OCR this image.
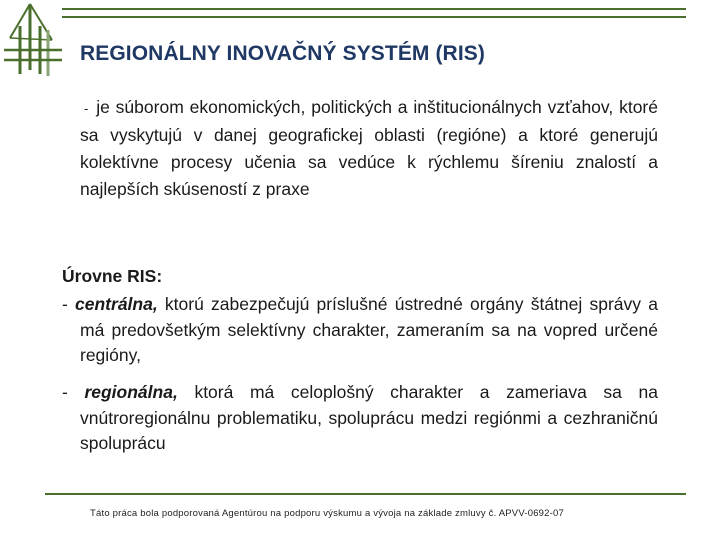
REGIONÁLNY INOVAČNÝ SYSTÉM (RIS)

- je súborom ekonomických, politických a inštitucionálnych vzťahov, ktoré sa vyskytujú v danej geografickej oblasti (regióne) a ktoré generujú kolektívne procesy učenia sa vedúce k rýchlemu šíreniu znalostí a najlepších skúseností z praxe

Úrovne RIS:

- centrálna, ktorú zabezpečujú príslušné ústredné orgány štátnej správy a má predovšetkým selektívny charakter, zameraním sa na vopred určené regióny,

- regionálna, ktorá má celoplošný charakter a zameriava sa na vnútroregionálnu problematiku, spoluprácu medzi regiónmi a cezhraničnú spoluprácu

Táto práca bola podporovaná Agentúrou na podporu výskumu a vývoja na základe zmluvy č. APVV-0692-07
